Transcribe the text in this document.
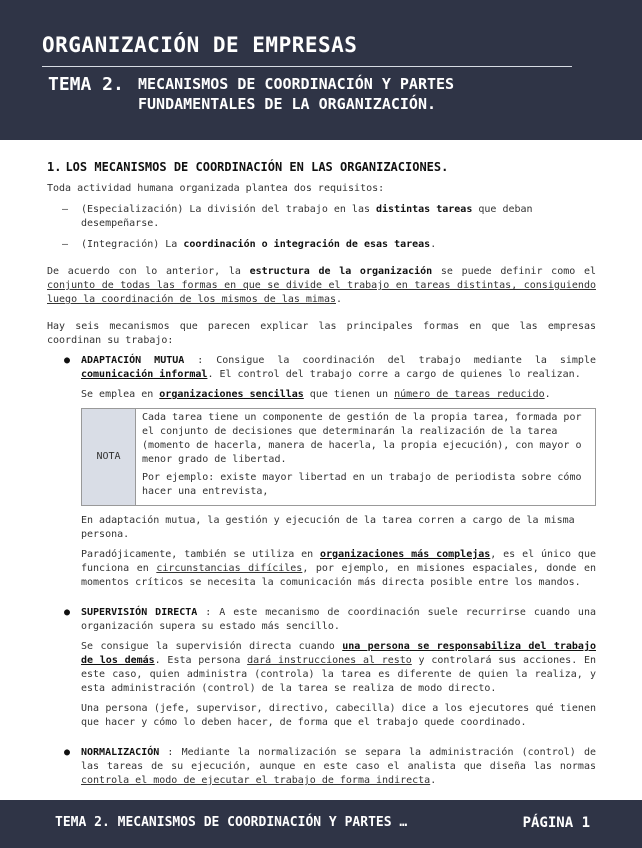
ORGANIZACIÓN DE EMPRESAS
TEMA 2. MECANISMOS DE COORDINACIÓN Y PARTES
FUNDAMENTALES DE LA ORGANIZACIÓN.
1. LOS MECANISMOS DE COORDINACIÓN EN LAS ORGANIZACIONES.

Toda actividad humana organizada plantea dos requisitos:

– (Especialización) La división del trabajo en las distintas tareas que deban desempeñarse.
– (Integración) La coordinación o integración de esas tareas.

De acuerdo con lo anterior, la estructura de la organización se puede definir como el conjunto de todas las formas en que se divide el trabajo en tareas distintas, consiguiendo luego la coordinación de los mismos de las mimas.

Hay seis mecanismos que parecen explicar las principales formas en que las empresas coordinan su trabajo:

● ADAPTACIÓN MUTUA : Consigue la coordinación del trabajo mediante la simple comunicación informal. El control del trabajo corre a cargo de quienes lo realizan.

Se emplea en organizaciones sencillas que tienen un número de tareas reducido.

NOTA	

Cada tarea tiene un componente de gestión de la propia tarea, formada por el conjunto de decisiones que determinarán la realización de la tarea (momento de hacerla, manera de hacerla, la propia ejecución), con mayor o menor grado de libertad.

Por ejemplo: existe mayor libertad en un trabajo de periodista sobre cómo hacer una entrevista,

En adaptación mutua, la gestión y ejecución de la tarea corren a cargo de la misma persona.

Paradójicamente, también se utiliza en organizaciones más complejas, es el único que funciona en circunstancias difíciles, por ejemplo, en misiones espaciales, donde en momentos críticos se necesita la comunicación más directa posible entre los mandos.

● SUPERVISIÓN DIRECTA : A este mecanismo de coordinación suele recurrirse cuando una organización supera su estado más sencillo.

Se consigue la supervisión directa cuando una persona se responsabiliza del trabajo de los demás. Esta persona dará instrucciones al resto y controlará sus acciones. En este caso, quien administra (controla) la tarea es diferente de quien la realiza, y esta administración (control) de la tarea se realiza de modo directo.

Una persona (jefe, supervisor, directivo, cabecilla) dice a los ejecutores qué tienen que hacer y cómo lo deben hacer, de forma que el trabajo quede coordinado.

● NORMALIZACIÓN : Mediante la normalización se separa la administración (control) de las tareas de su ejecución, aunque en este caso el analista que diseña las normas controla el modo de ejecutar el trabajo de forma indirecta.

TEMA 2. MECANISMOS DE COORDINACIÓN Y PARTES …	PÁGINA 1
